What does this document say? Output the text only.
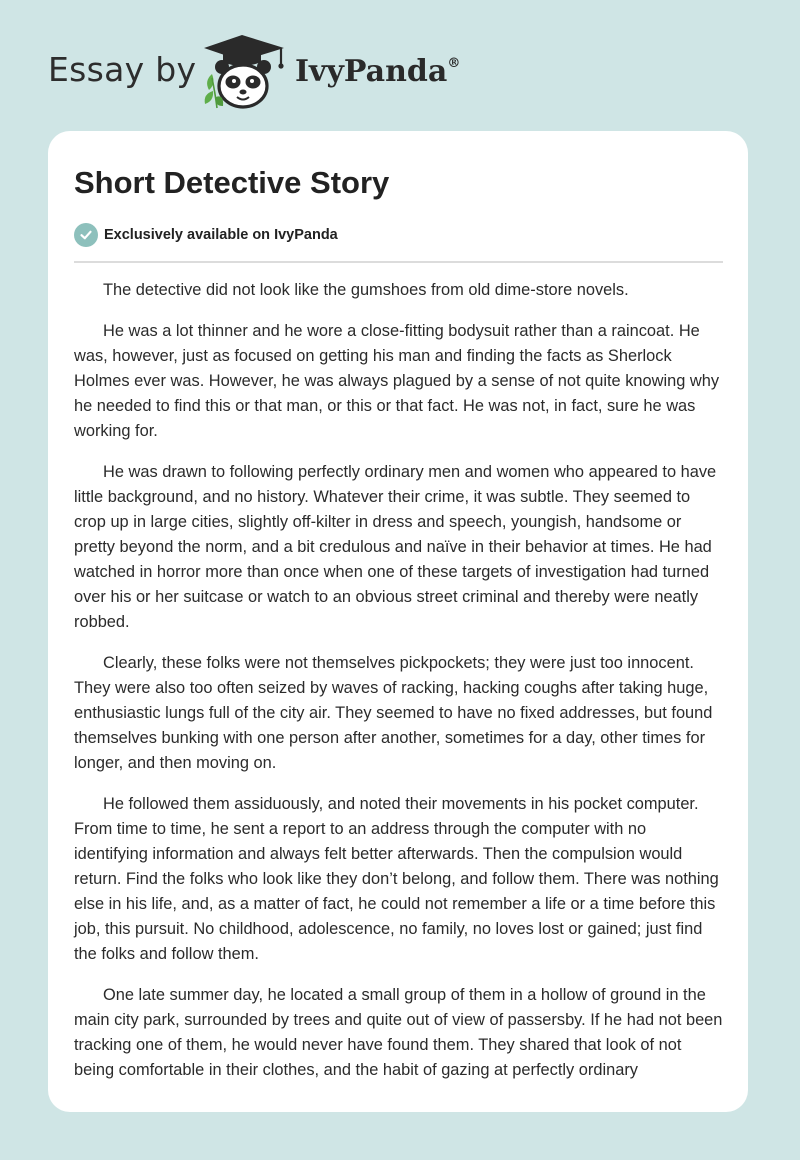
Essay by	IvyPanda®
Short Detective Story
Exclusively available on IvyPanda

The detective did not look like the gumshoes from old dime-store novels.

He was a lot thinner and he wore a close-fitting bodysuit rather than a raincoat. He was, however, just as focused on getting his man and finding the facts as Sherlock Holmes ever was. However, he was always plagued by a sense of not quite knowing why he needed to find this or that man, or this or that fact. He was not, in fact, sure he was working for.

He was drawn to following perfectly ordinary men and women who appeared to have little background, and no history. Whatever their crime, it was subtle. They seemed to crop up in large cities, slightly off-kilter in dress and speech, youngish, handsome or pretty beyond the norm, and a bit credulous and naïve in their behavior at times. He had watched in horror more than once when one of these targets of investigation had turned over his or her suitcase or watch to an obvious street criminal and thereby were neatly robbed.

Clearly, these folks were not themselves pickpockets; they were just too innocent. They were also too often seized by waves of racking, hacking coughs after taking huge, enthusiastic lungs full of the city air. They seemed to have no fixed addresses, but found themselves bunking with one person after another, sometimes for a day, other times for longer, and then moving on.

He followed them assiduously, and noted their movements in his pocket computer. From time to time, he sent a report to an address through the computer with no identifying information and always felt better afterwards. Then the compulsion would return. Find the folks who look like they don’t belong, and follow them. There was nothing else in his life, and, as a matter of fact, he could not remember a life or a time before this job, this pursuit. No childhood, adolescence, no family, no loves lost or gained; just find the folks and follow them.

One late summer day, he located a small group of them in a hollow of ground in the main city park, surrounded by trees and quite out of view of passersby. If he had not been tracking one of them, he would never have found them. They shared that look of not being comfortable in their clothes, and the habit of gazing at perfectly ordinary
